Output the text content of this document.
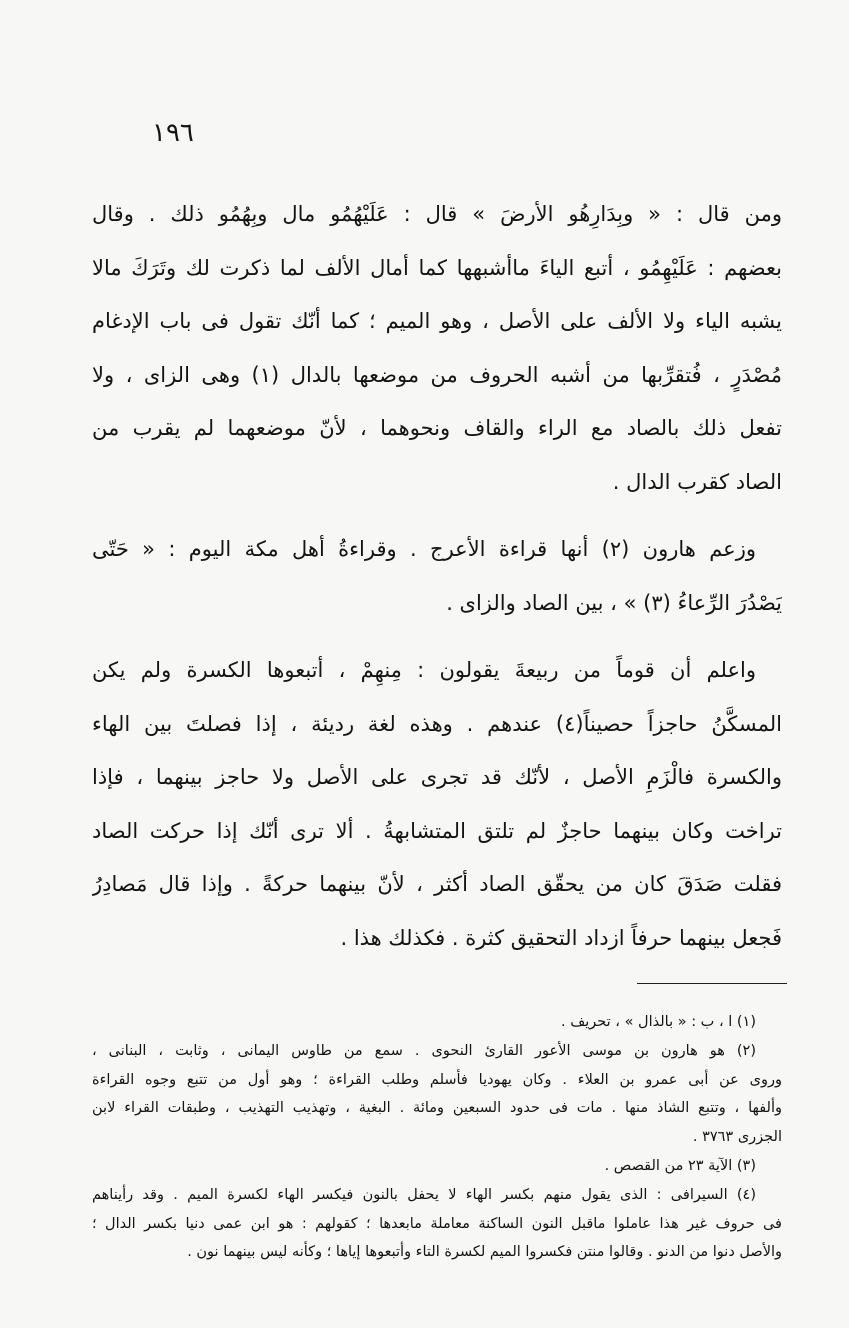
١٩٦

ومن قال : « وبِدَارِهُو الأرضَ » قال : عَلَيْهُمُو مال وبِهُمُو ذلك . وقال
بعضهم : عَلَيْهِمُو ، أتبع الياءَ ماأشبهها كما أمال الألف لما ذكرت لك وتَرَكَ مالا
يشبه الياء ولا الألف على الأصل ، وهو الميم ؛ كما أنّك تقول فى باب الإدغام
مُصْدَرٍ ، فُتقرِّبها من أشبه الحروف من موضعها بالدال (١) وهى الزاى ، ولا
تفعل ذلك بالصاد مع الراء والقاف ونحوهما ، لأنّ موضعهما لم يقرب من
الصاد كقرب الدال .

وزعم هارون (٢) أنها قراءة الأعرج . وقراءةُ أهل مكة اليوم : « حَتّى
يَصْدُرَ الرِّعاءُ (٣) » ، بين الصاد والزاى .

واعلم أن قوماً من ربيعةَ يقولون : مِنهِمْ ، أتبعوها الكسرة ولم يكن
المسكَّنُ حاجزاً حصيناً(٤) عندهم . وهذه لغة رديئة ، إذا فصلتَ بين الهاء
والكسرة فالْزَمِ الأصل ، لأنّك قد تجرى على الأصل ولا حاجز بينهما ، فإذا
تراخت وكان بينهما حاجزٌ لم تلتق المتشابهةُ . ألا ترى أنّك إذا حركت الصاد
فقلت صَدَقَ كان من يحقّق الصاد أكثر ، لأنّ بينهما حركةً . وإذا قال مَصادِرُ
فَجعل بينهما حرفاً ازداد التحقيق كثرة . فكذلك هذا .

(١) ا ، ب : « بالذال » ، تحريف .
(٢) هو هارون بن موسى الأعور القارئ النحوى . سمع من طاوس اليمانى ، وثابت ، البنانى ،
وروى عن أبى عمرو بن العلاء . وكان يهوديا فأسلم وطلب القراءة ؛ وهو أول من تتبع وجوه القراءة
وألفها ، وتتبع الشاذ منها . مات فى حدود السبعين ومائة . البغية ، وتهذيب التهذيب ، وطبقات القراء لابن
الجزرى ٣٧٦٣ .
(٣) الآية ٢٣ من القصص .
(٤) السيرافى : الذى يقول منهم بكسر الهاء لا يحفل بالنون فيكسر الهاء لكسرة الميم . وقد رأيناهم
فى حروف غير هذا عاملوا ماقبل النون الساكنة معاملة مابعدها ؛ كقولهم : هو ابن عمى دنيا بكسر الدال ؛
والأصل دنوا من الدنو . وقالوا منتن فكسروا الميم لكسرة التاء وأتبعوها إياها ؛ وكأنه ليس بينهما نون .
